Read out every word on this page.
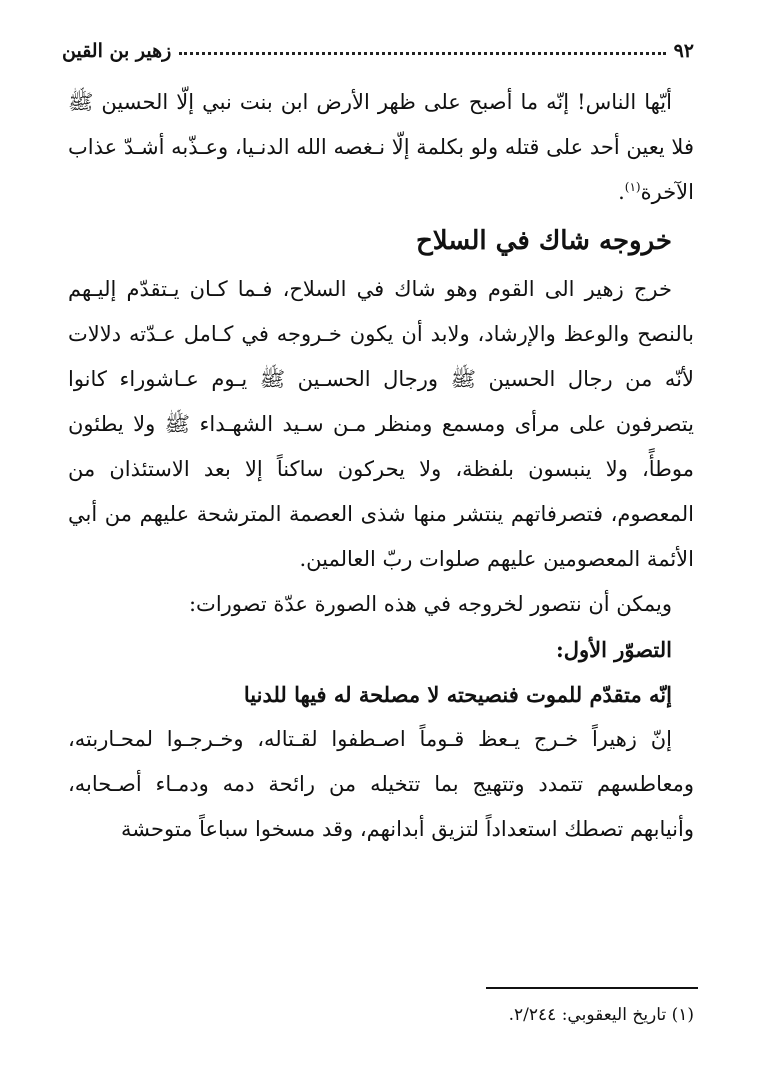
٩٢
زهير بن القين

أيّها الناس! إنّه ما أصبح على ظهر الأرض ابن بنت نبي إلّا الحسين ﷺ فلا يعين أحد على قتله ولو بكلمة إلّا نـغصه الله الدنـيا، وعـذّبه أشـدّ عذاب الآخرة$^{(١)}$.

خروجه شاك في السلاح

خرج زهير الى القوم وهو شاك في السلاح، فـما كـان يـتقدّم إليـهم بالنصح والوعظ والإرشاد، ولابد أن يكون خـروجه في كـامل عـدّته دلالات لأنّه من رجال الحسين ﷺ ورجال الحسـين ﷺ يـوم عـاشوراء كانوا يتصرفون على مرأى ومسمع ومنظر مـن سـيد الشهـداء ﷺ ولا يطئون موطأً، ولا ينبسون بلفظة، ولا يحركون ساكناً إلا بعد الاستئذان من المعصوم، فتصرفاتهم ينتشر منها شذى العصمة المترشحة عليهم من أبي الأئمة المعصومين عليهم صلوات ربّ العالمين.

ويمكن أن نتصور لخروجه في هذه الصورة عدّة تصورات:

التصوّر الأول:

إنّه متقدّم للموت فنصيحته لا مصلحة له فيها للدنيا

إنّ زهيراً خـرج يـعظ قـوماً اصـطفوا لقـتاله، وخـرجـوا لمحـاربته، ومعاطسهم تتمدد وتتهيج بما تتخيله من رائحة دمه ودمـاء أصـحابه، وأنيابهم تصطك استعداداً لتزيق أبدانهم، وقد مسخوا سباعاً متوحشة

(١) تاريخ اليعقوبي: ٢/٢٤٤.
